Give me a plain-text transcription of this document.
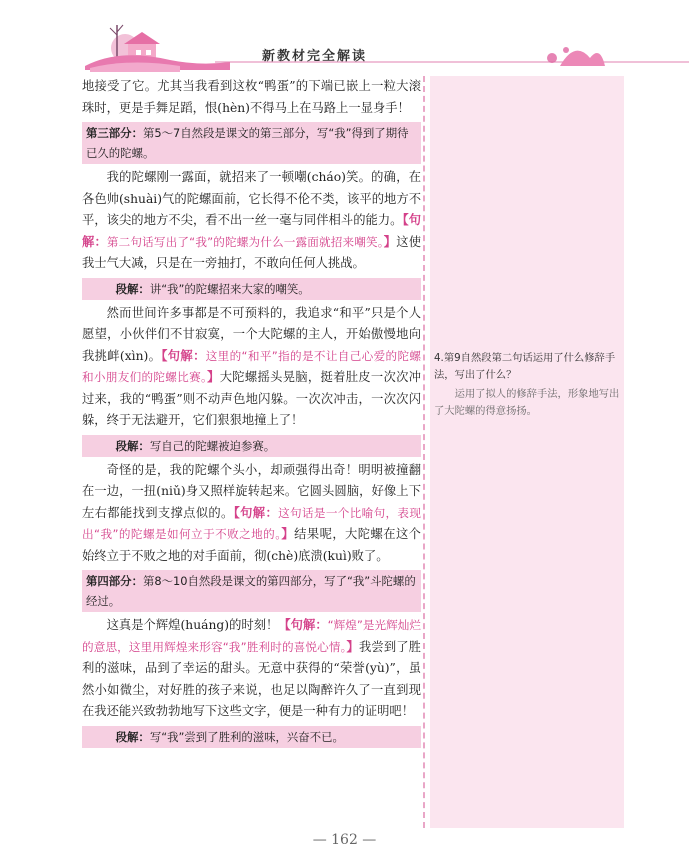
新教材完全解读

地接受了它。尤其当我看到这枚“鸭蛋”的下端已嵌上一粒大滚珠时，更是手舞足蹈，恨(hèn)不得马上在马路上一显身手！

第三部分：第5～7自然段是课文的第三部分，写“我”得到了期待已久的陀螺。

我的陀螺刚一露面，就招来了一顿嘲(cháo)笑。的确，在各色帅(shuài)气的陀螺面前，它长得不伦不类，该平的地方不平，该尖的地方不尖，看不出一丝一毫与同伴相斗的能力。【句解：第二句话写出了“我”的陀螺为什么一露面就招来嘲笑。】这使我士气大减，只是在一旁抽打，不敢向任何人挑战。

段解：讲“我”的陀螺招来大家的嘲笑。

然而世间许多事都是不可预料的，我追求“和平”只是个人愿望，小伙伴们不甘寂寞，一个大陀螺的主人，开始傲慢地向我挑衅(xìn)。【句解：这里的“和平”指的是不让自己心爱的陀螺和小朋友们的陀螺比赛。】大陀螺摇头晃脑，挺着肚皮一次次冲过来，我的“鸭蛋”则不动声色地闪躲。一次次冲击，一次次闪躲，终于无法避开，它们狠狠地撞上了！

段解：写自己的陀螺被迫参赛。

奇怪的是，我的陀螺个头小，却顽强得出奇！明明被撞翻在一边，一扭(niǔ)身又照样旋转起来。它圆头圆脑，好像上下左右都能找到支撑点似的。【句解：这句话是一个比喻句，表现出“我”的陀螺是如何立于不败之地的。】结果呢，大陀螺在这个始终立于不败之地的对手面前，彻(chè)底溃(kuì)败了。

第四部分：第8～10自然段是课文的第四部分，写了“我”斗陀螺的经过。

这真是个辉煌(huáng)的时刻！【句解：“辉煌”是光辉灿烂的意思，这里用辉煌来形容“我”胜利时的喜悦心情。】我尝到了胜利的滋味，品到了幸运的甜头。无意中获得的“荣誉(yù)”，虽然小如微尘，对好胜的孩子来说，也足以陶醉许久了一直到现在我还能兴致勃勃地写下这些文字，便是一种有力的证明吧！

段解：写“我”尝到了胜利的滋味，兴奋不已。
4.第9自然段第二句话运用了什么修辞手法，写出了什么？
运用了拟人的修辞手法，形象地写出了大陀螺的得意扬扬。
— 162 —
